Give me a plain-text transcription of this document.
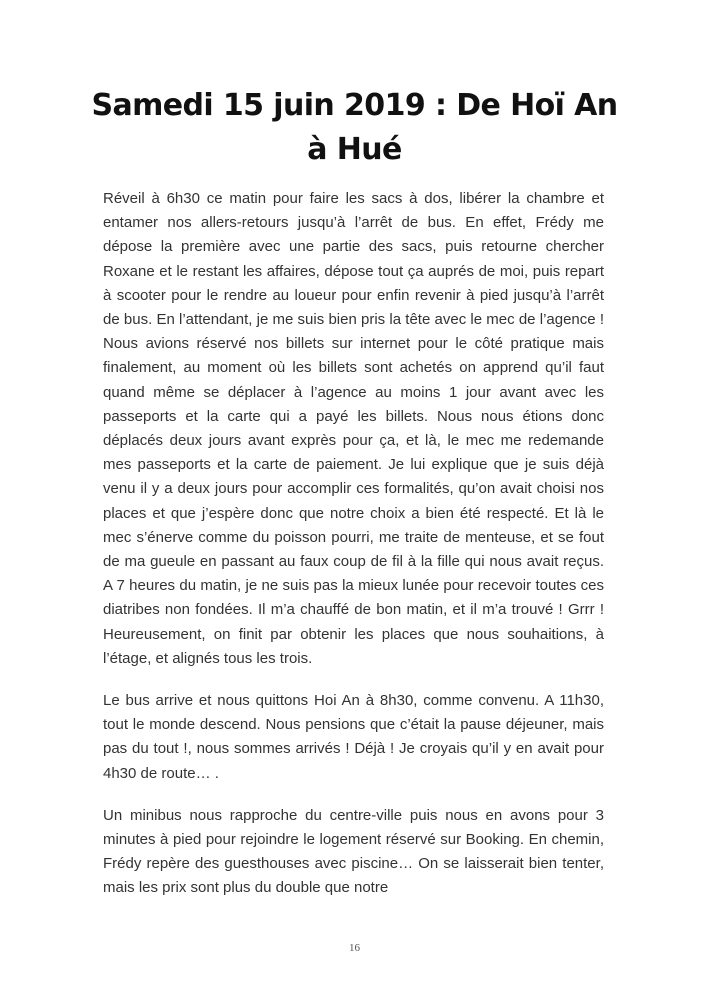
Samedi 15 juin 2019 : De Hoï An à Hué

Réveil à 6h30 ce matin pour faire les sacs à dos, libérer la chambre et entamer nos allers-retours jusqu’à l’arrêt de bus. En effet, Frédy me dépose la première avec une partie des sacs, puis retourne chercher Roxane et le restant les affaires, dépose tout ça auprés de moi, puis repart à scooter pour le rendre au loueur pour enfin revenir à pied jusqu’à l’arrêt de bus. En l’attendant, je me suis bien pris la tête avec le mec de l’agence ! Nous avions réservé nos billets sur internet pour le côté pratique mais finalement, au moment où les billets sont achetés on apprend qu’il faut quand même se déplacer à l’agence au moins 1 jour avant avec les passeports et la carte qui a payé les billets. Nous nous étions donc déplacés deux jours avant exprès pour ça, et là, le mec me redemande mes passeports et la carte de paiement. Je lui explique que je suis déjà venu il y a deux jours pour accomplir ces formalités, qu’on avait choisi nos places et que j’espère donc que notre choix a bien été respecté. Et là le mec s’énerve comme du poisson pourri, me traite de menteuse, et se fout de ma gueule en passant au faux coup de fil à la fille qui nous avait reçus. A 7 heures du matin, je ne suis pas la mieux lunée pour recevoir toutes ces diatribes non fondées. Il m’a chauffé de bon matin, et il m’a trouvé ! Grrr ! Heureusement, on finit par obtenir les places que nous souhaitions, à l’étage, et alignés tous les trois.

Le bus arrive et nous quittons Hoi An à 8h30, comme convenu. A 11h30, tout le monde descend. Nous pensions que c’était la pause déjeuner, mais pas du tout !, nous sommes arrivés ! Déjà ! Je croyais qu’il y en avait pour 4h30 de route… .

Un minibus nous rapproche du centre-ville puis nous en avons pour 3 minutes à pied pour rejoindre le logement réservé sur Booking. En chemin, Frédy repère des guesthouses avec piscine… On se laisserait bien tenter, mais les prix sont plus du double que notre

16
